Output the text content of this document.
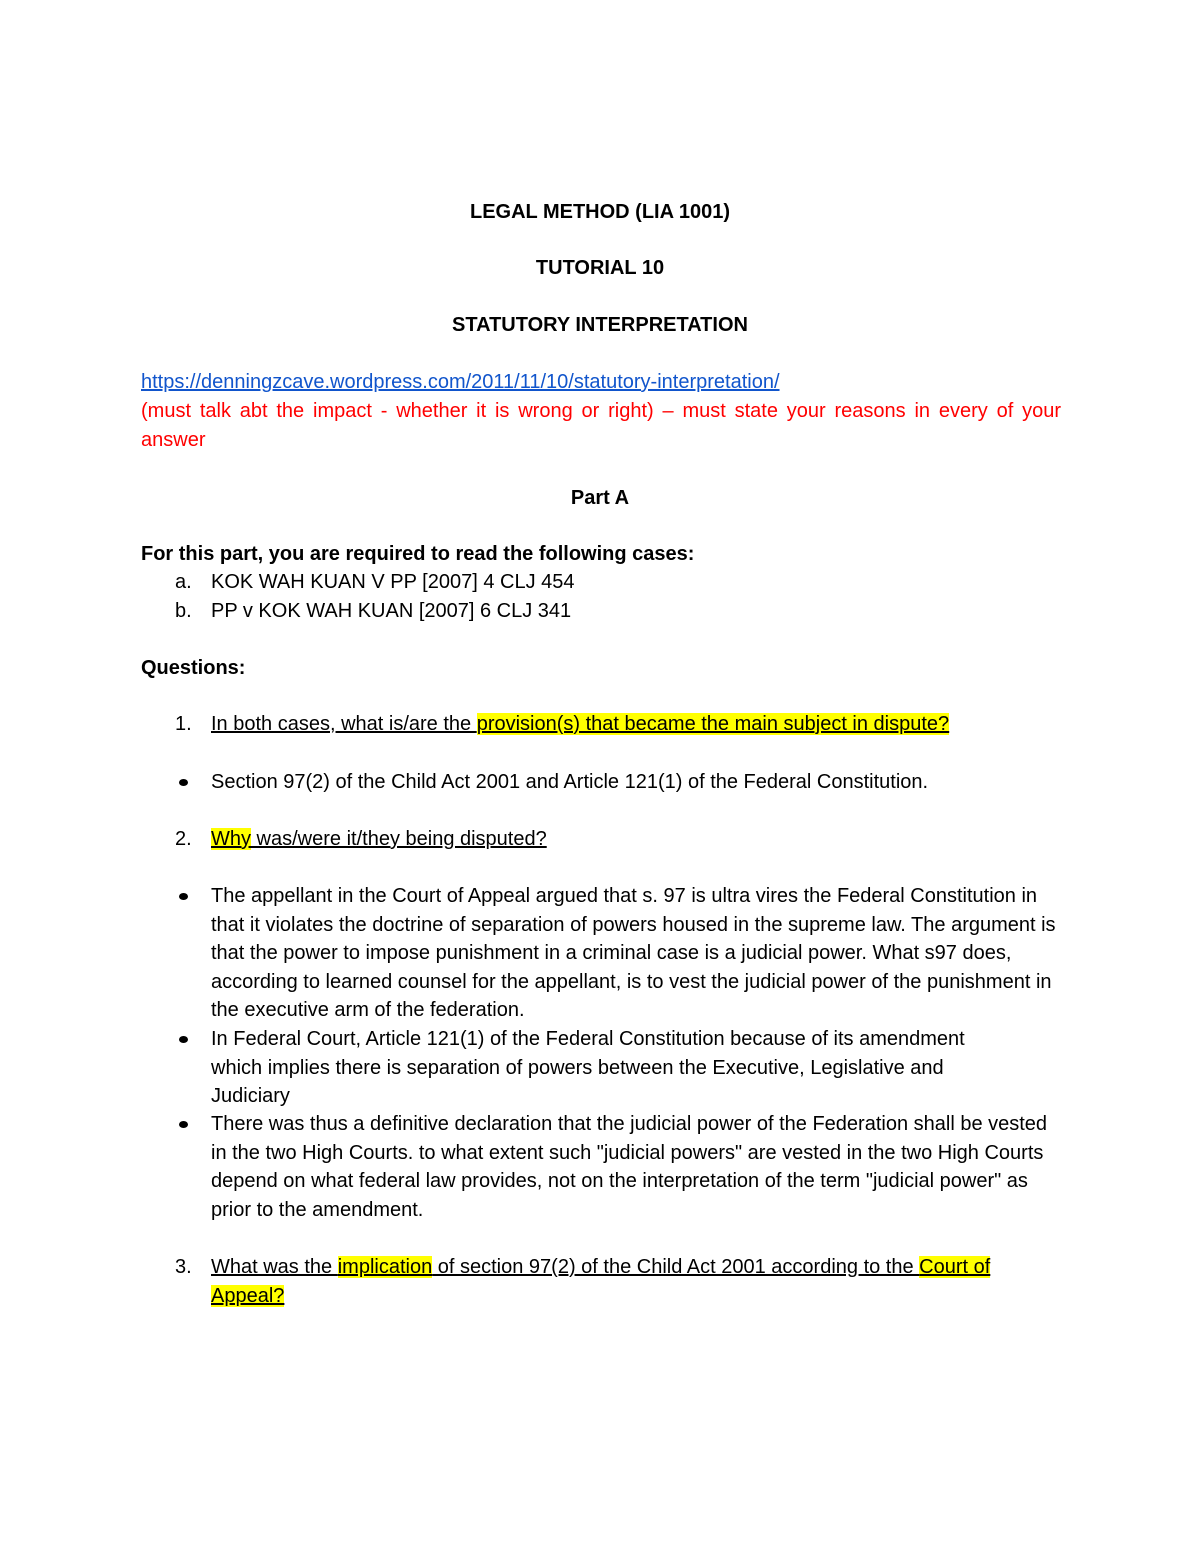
LEGAL METHOD (LIA 1001)
TUTORIAL 10
STATUTORY INTERPRETATION
https://denningzcave.wordpress.com/2011/11/10/statutory-interpretation/
(must talk abt the impact - whether it is wrong or right) – must state your reasons in every of your answer
Part A
For this part, you are required to read the following cases:
a. KOK WAH KUAN V PP [2007] 4 CLJ 454
b. PP v KOK WAH KUAN [2007] 6 CLJ 341
Questions:
1. In both cases, what is/are the provision(s) that became the main subject in dispute?
Section 97(2) of the Child Act 2001 and Article 121(1) of the Federal Constitution.
2. Why was/were it/they being disputed?
The appellant in the Court of Appeal argued that s. 97 is ultra vires the Federal Constitution in that it violates the doctrine of separation of powers housed in the supreme law. The argument is that the power to impose punishment in a criminal case is a judicial power. What s97 does, according to learned counsel for the appellant, is to vest the judicial power of the punishment in the executive arm of the federation.
In Federal Court, Article 121(1) of the Federal Constitution because of its amendment which implies there is separation of powers between the Executive, Legislative and Judiciary
There was thus a definitive declaration that the judicial power of the Federation shall be vested in the two High Courts. to what extent such "judicial powers" are vested in the two High Courts depend on what federal law provides, not on the interpretation of the term "judicial power" as prior to the amendment.
3. What was the implication of section 97(2) of the Child Act 2001 according to the Court of Appeal?
